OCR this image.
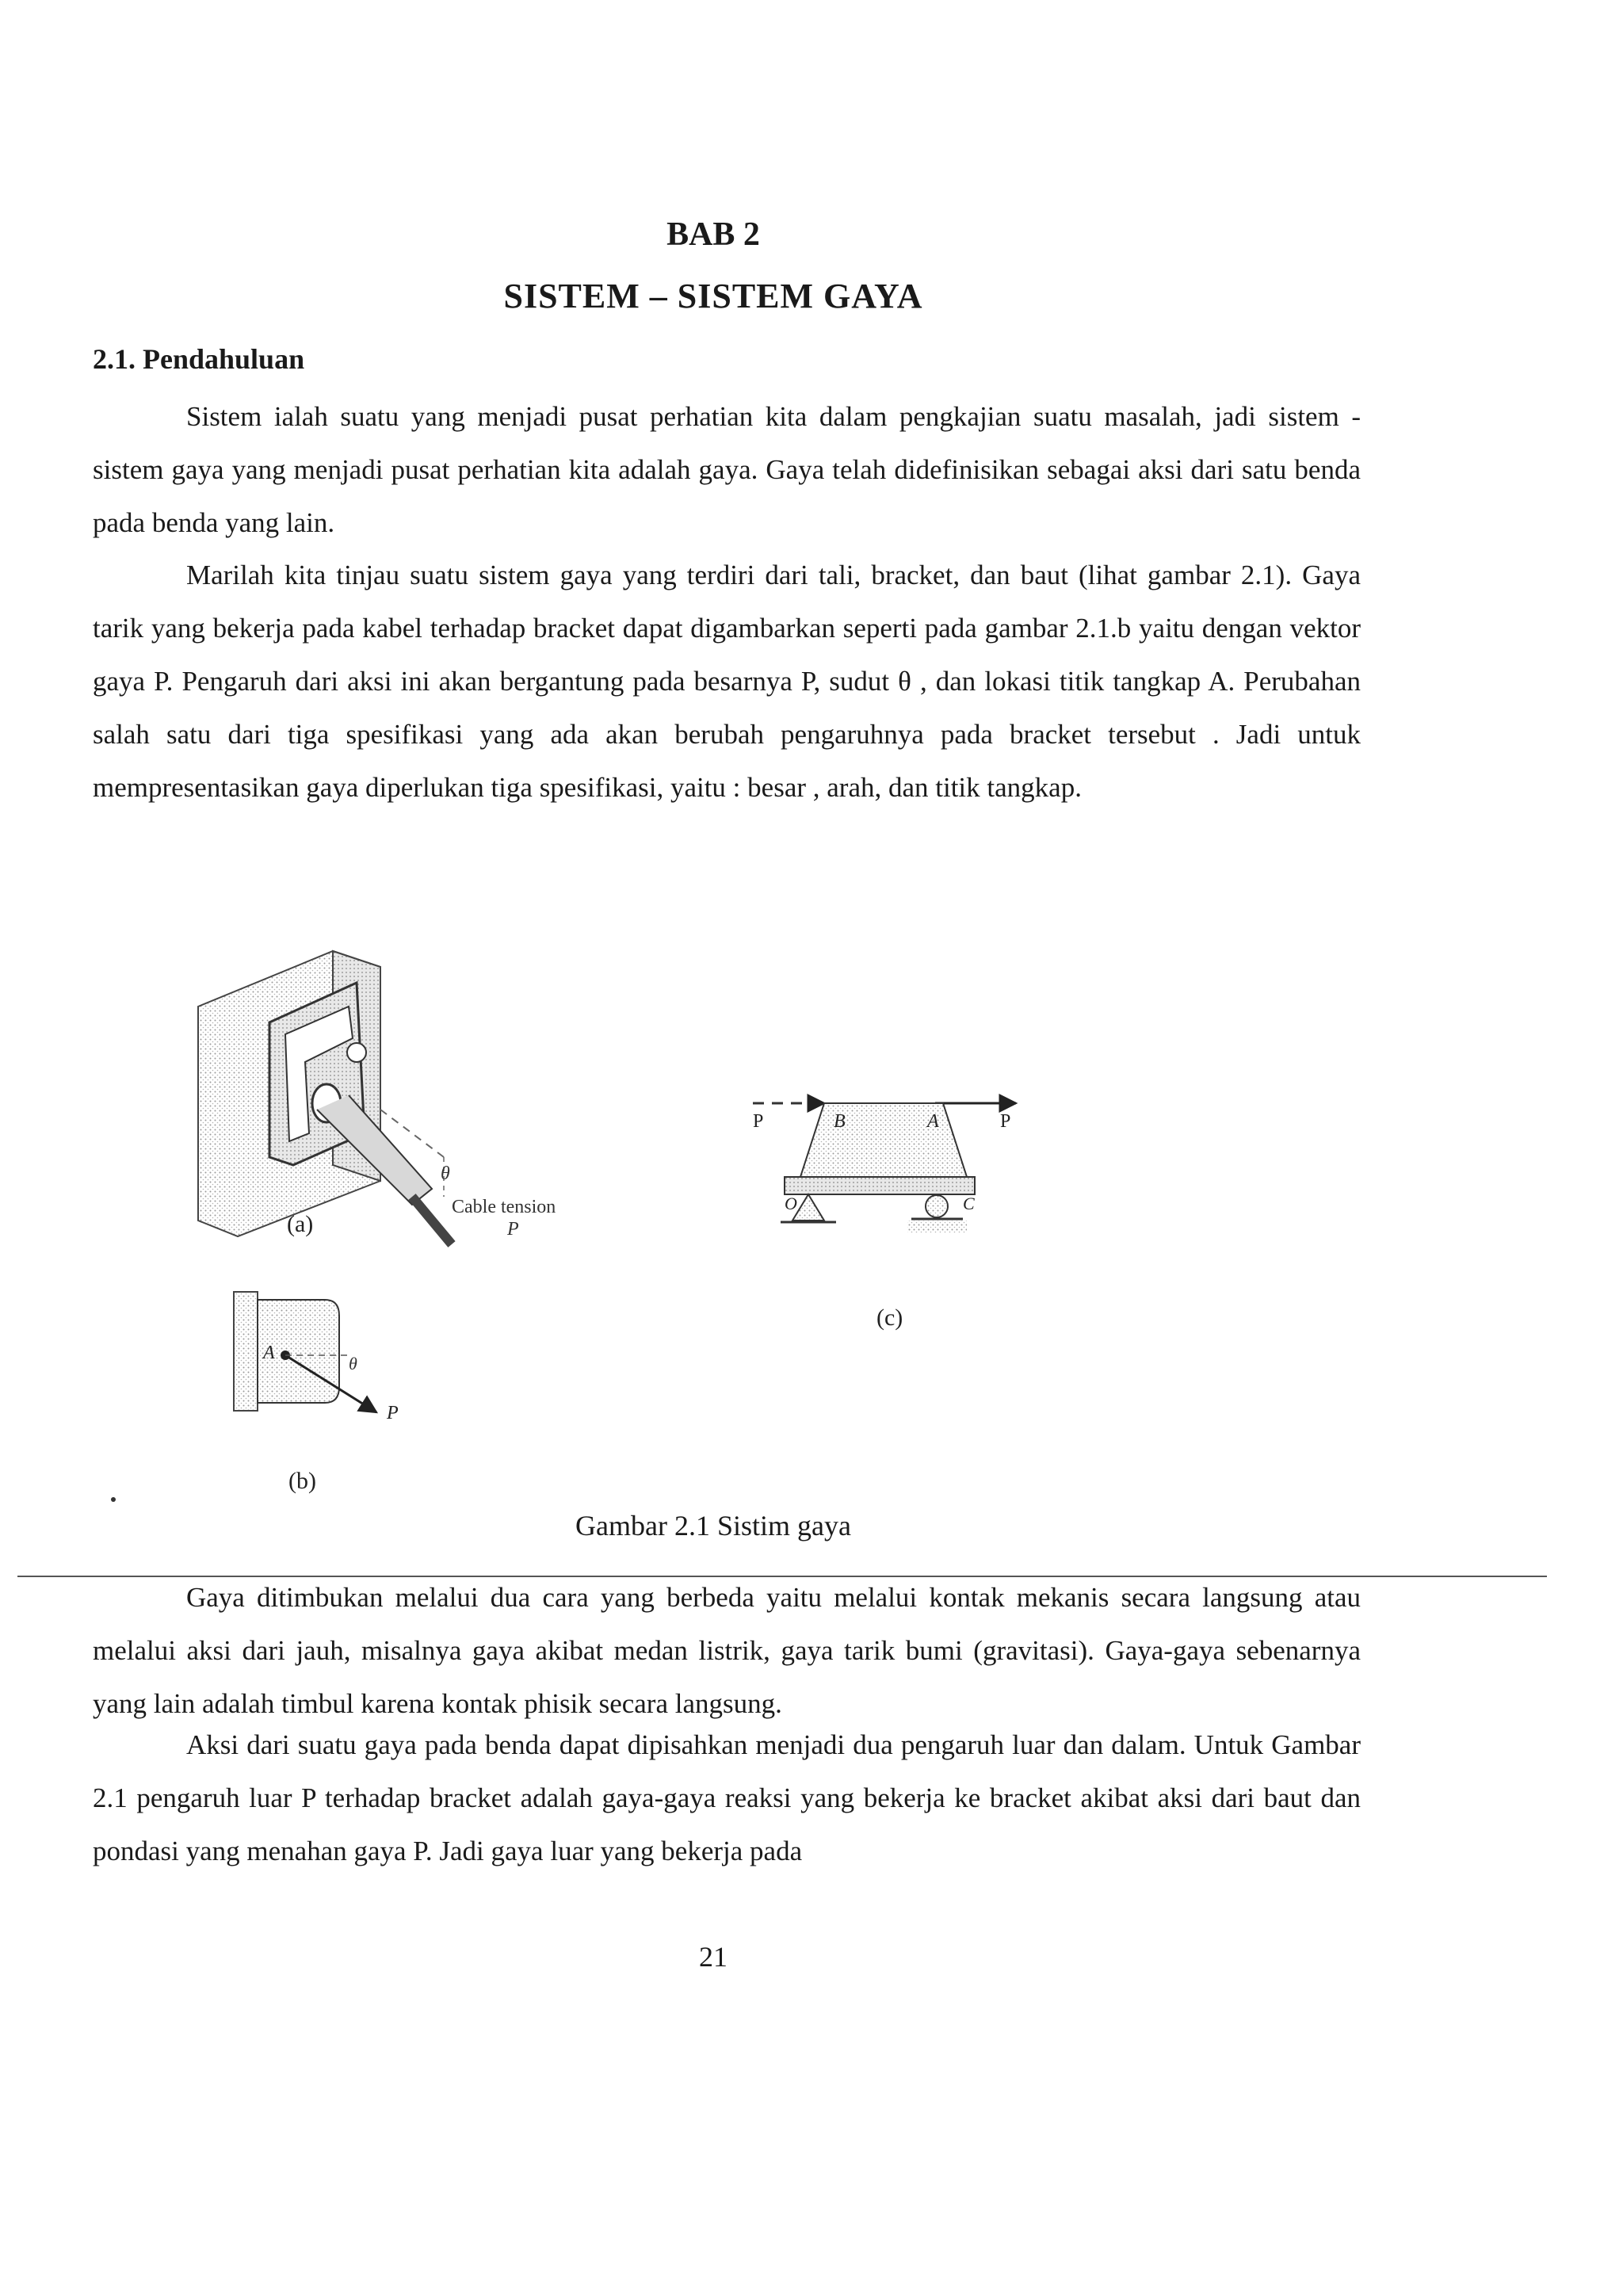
BAB 2
SISTEM – SISTEM GAYA
2.1. Pendahuluan
Sistem ialah suatu yang menjadi pusat perhatian kita dalam pengkajian suatu masalah, jadi sistem - sistem gaya yang menjadi pusat perhatian kita adalah gaya. Gaya telah didefinisikan sebagai aksi dari satu benda pada benda yang lain.
Marilah kita tinjau suatu sistem gaya yang terdiri dari tali, bracket, dan baut (lihat gambar 2.1). Gaya tarik yang bekerja pada kabel terhadap bracket dapat digambarkan seperti pada gambar 2.1.b yaitu dengan vektor gaya P. Pengaruh dari aksi ini akan bergantung pada besarnya P, sudut θ , dan lokasi titik tangkap A. Perubahan salah satu dari tiga spesifikasi yang ada akan berubah pengaruhnya pada bracket tersebut . Jadi untuk mempresentasikan gaya diperlukan tiga spesifikasi, yaitu : besar , arah, dan titik tangkap.
θ
Cable tension
P
(a)
A
θ
P
(b)
P	B	A	P
O	C
(c)
Gambar 2.1 Sistim gaya
Gaya ditimbukan melalui dua cara yang berbeda yaitu melalui kontak mekanis secara langsung atau melalui aksi dari jauh, misalnya gaya akibat medan listrik, gaya tarik bumi (gravitasi). Gaya-gaya sebenarnya yang lain adalah timbul karena kontak phisik secara langsung.
Aksi dari suatu gaya pada benda dapat dipisahkan menjadi dua pengaruh luar dan dalam. Untuk Gambar 2.1 pengaruh luar P terhadap bracket adalah gaya-gaya reaksi yang bekerja ke bracket akibat aksi dari baut dan pondasi yang menahan gaya P. Jadi gaya luar yang bekerja pada
21
